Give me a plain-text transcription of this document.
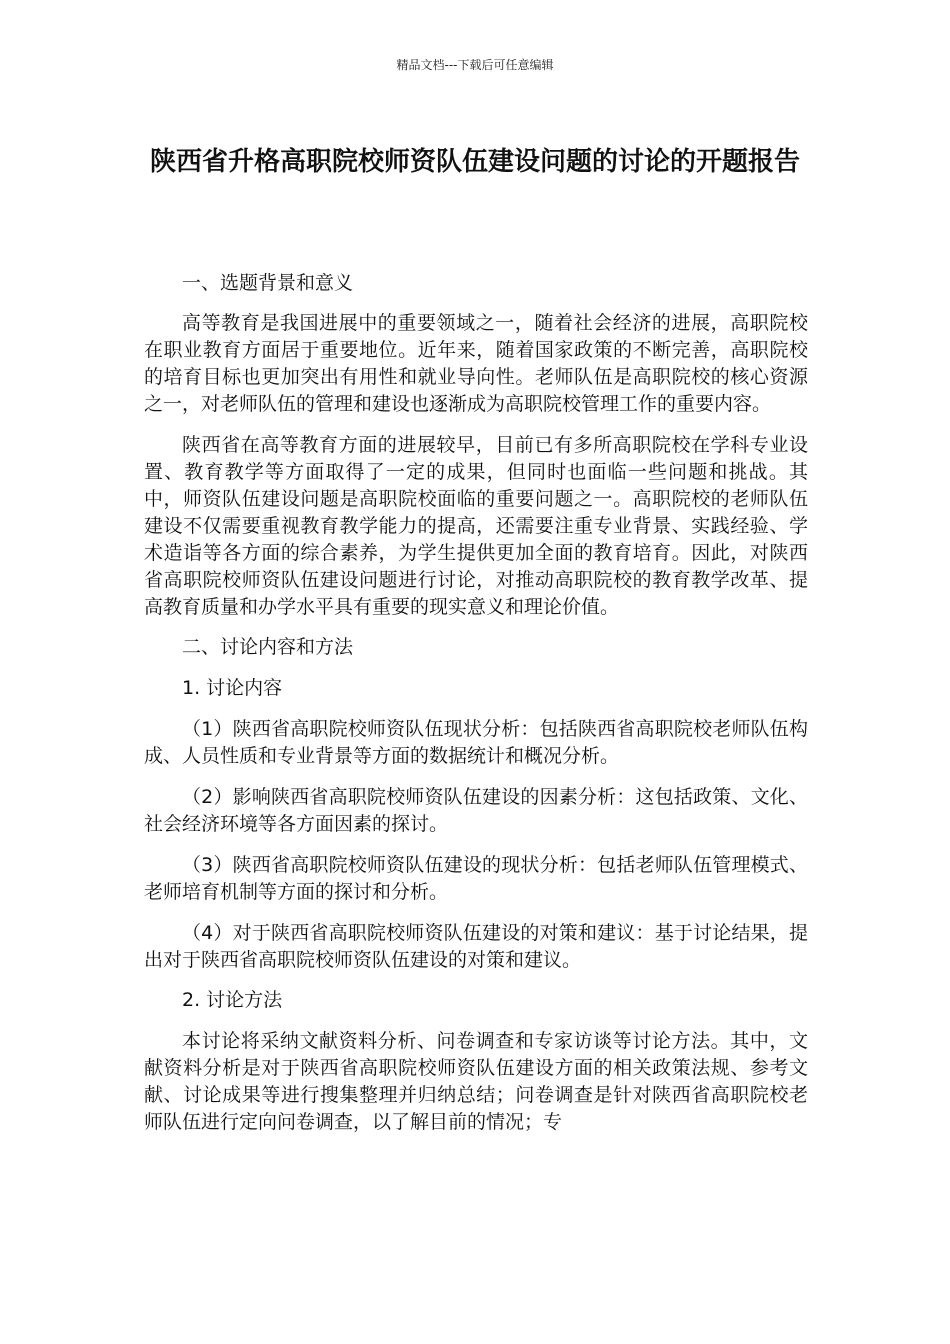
精品文档---下载后可任意编辑
陕西省升格高职院校师资队伍建设问题的讨论的开题报告

一、选题背景和意义

高等教育是我国进展中的重要领域之一，随着社会经济的进展，高职院校在职业教育方面居于重要地位。近年来，随着国家政策的不断完善，高职院校的培育目标也更加突出有用性和就业导向性。老师队伍是高职院校的核心资源之一，对老师队伍的管理和建设也逐渐成为高职院校管理工作的重要内容。

陕西省在高等教育方面的进展较早，目前已有多所高职院校在学科专业设置、教育教学等方面取得了一定的成果，但同时也面临一些问题和挑战。其中，师资队伍建设问题是高职院校面临的重要问题之一。高职院校的老师队伍建设不仅需要重视教育教学能力的提高，还需要注重专业背景、实践经验、学术造诣等各方面的综合素养，为学生提供更加全面的教育培育。因此，对陕西省高职院校师资队伍建设问题进行讨论，对推动高职院校的教育教学改革、提高教育质量和办学水平具有重要的现实意义和理论价值。

二、讨论内容和方法

1. 讨论内容

（1）陕西省高职院校师资队伍现状分析：包括陕西省高职院校老师队伍构成、人员性质和专业背景等方面的数据统计和概况分析。

（2）影响陕西省高职院校师资队伍建设的因素分析：这包括政策、文化、社会经济环境等各方面因素的探讨。

（3）陕西省高职院校师资队伍建设的现状分析：包括老师队伍管理模式、老师培育机制等方面的探讨和分析。

（4）对于陕西省高职院校师资队伍建设的对策和建议：基于讨论结果，提出对于陕西省高职院校师资队伍建设的对策和建议。

2. 讨论方法

本讨论将采纳文献资料分析、问卷调查和专家访谈等讨论方法。其中，文献资料分析是对于陕西省高职院校师资队伍建设方面的相关政策法规、参考文献、讨论成果等进行搜集整理并归纳总结；问卷调查是针对陕西省高职院校老师队伍进行定向问卷调查，以了解目前的情况；专
